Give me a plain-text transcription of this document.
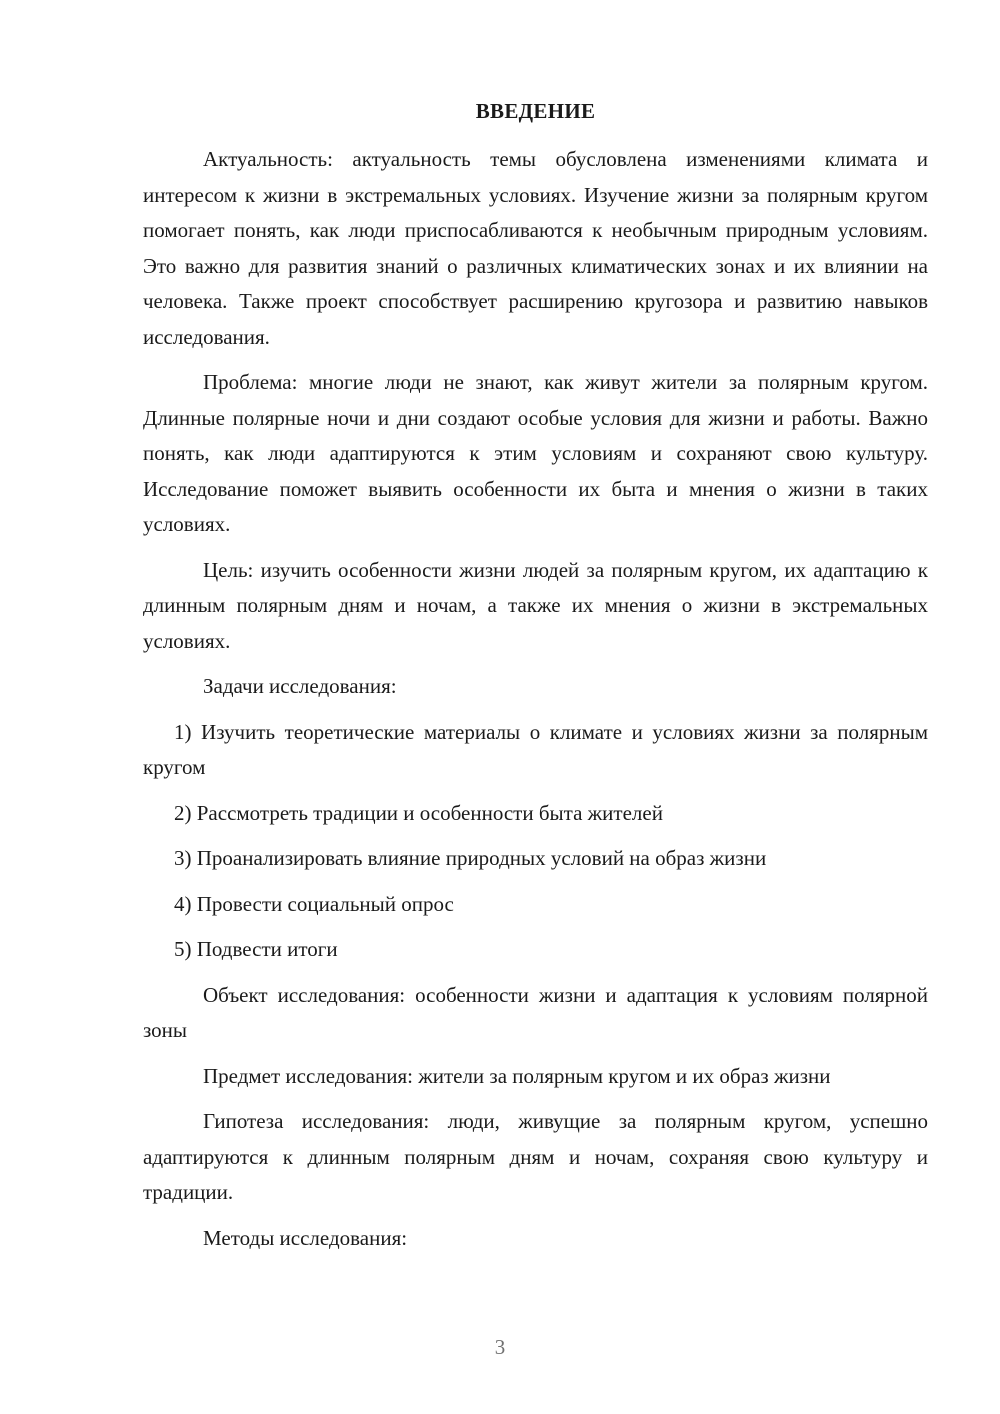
ВВЕДЕНИЕ

Актуальность: актуальность темы обусловлена изменениями климата и интересом к жизни в экстремальных условиях. Изучение жизни за полярным кругом помогает понять, как люди приспосабливаются к необычным природным условиям. Это важно для развития знаний о различных климатических зонах и их влиянии на человека. Также проект способствует расширению кругозора и развитию навыков исследования.

Проблема: многие люди не знают, как живут жители за полярным кругом. Длинные полярные ночи и дни создают особые условия для жизни и работы. Важно понять, как люди адаптируются к этим условиям и сохраняют свою культуру. Исследование поможет выявить особенности их быта и мнения о жизни в таких условиях.

Цель: изучить особенности жизни людей за полярным кругом, их адаптацию к длинным полярным дням и ночам, а также их мнения о жизни в экстремальных условиях.

Задачи исследования:

1) Изучить теоретические материалы о климате и условиях жизни за полярным кругом

2) Рассмотреть традиции и особенности быта жителей

3) Проанализировать влияние природных условий на образ жизни

4) Провести социальный опрос

5) Подвести итоги

Объект исследования: особенности жизни и адаптация к условиям полярной зоны

Предмет исследования: жители за полярным кругом и их образ жизни

Гипотеза исследования: люди, живущие за полярным кругом, успешно адаптируются к длинным полярным дням и ночам, сохраняя свою культуру и традиции.

Методы исследования:

3
